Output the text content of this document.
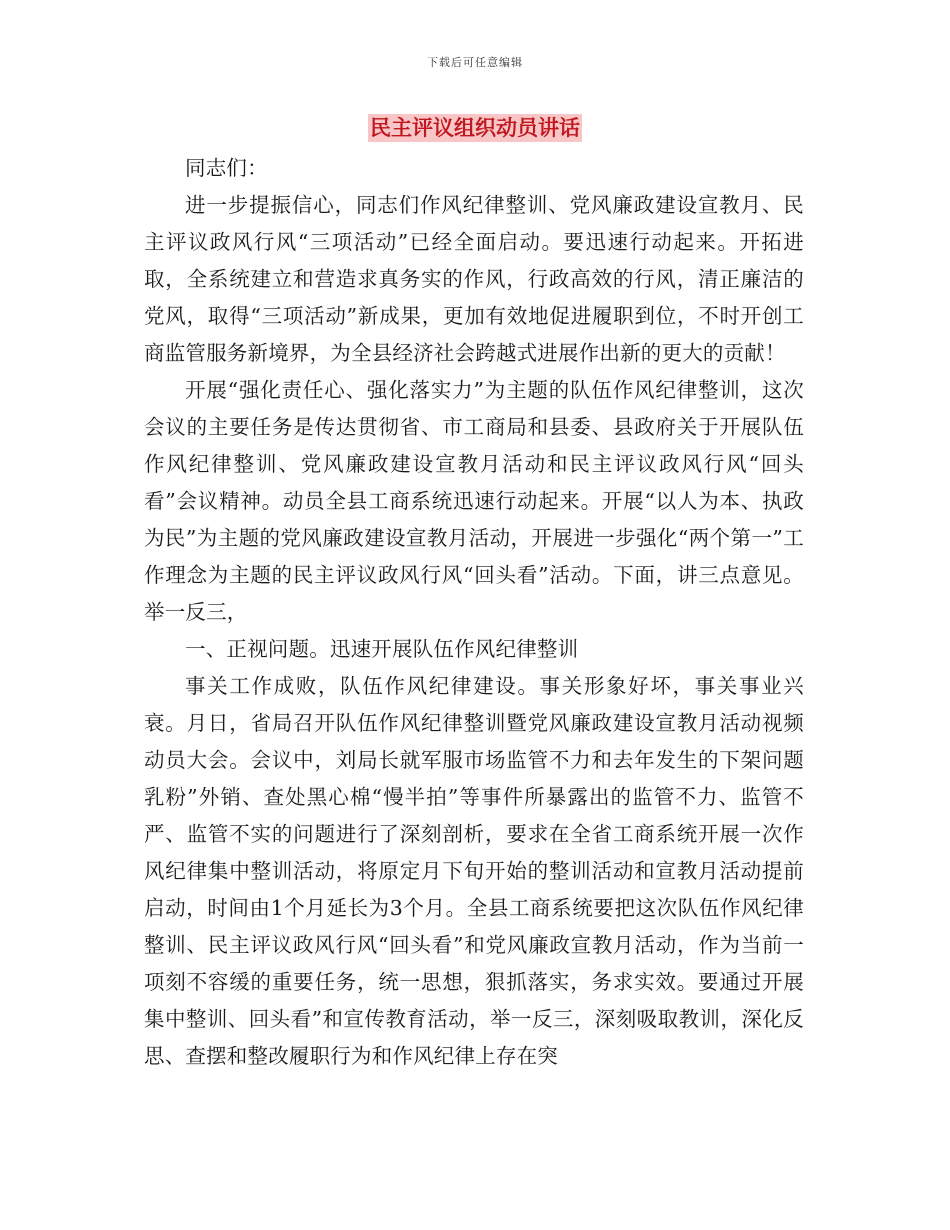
下载后可任意编辑
民主评议组织动员讲话

同志们：

进一步提振信心，同志们作风纪律整训、党风廉政建设宣教月、民主评议政风行风“三项活动”已经全面启动。要迅速行动起来。开拓进取，全系统建立和营造求真务实的作风，行政高效的行风，清正廉洁的党风，取得“三项活动”新成果，更加有效地促进履职到位，不时开创工商监管服务新境界，为全县经济社会跨越式进展作出新的更大的贡献！

开展“强化责任心、强化落实力”为主题的队伍作风纪律整训，这次会议的主要任务是传达贯彻省、市工商局和县委、县政府关于开展队伍作风纪律整训、党风廉政建设宣教月活动和民主评议政风行风“回头看”会议精神。动员全县工商系统迅速行动起来。开展“以人为本、执政为民”为主题的党风廉政建设宣教月活动，开展进一步强化“两个第一”工作理念为主题的民主评议政风行风“回头看”活动。下面，讲三点意见。举一反三，

一、正视问题。迅速开展队伍作风纪律整训

事关工作成败，队伍作风纪律建设。事关形象好坏，事关事业兴衰。月日，省局召开队伍作风纪律整训暨党风廉政建设宣教月活动视频动员大会。会议中，刘局长就军服市场监管不力和去年发生的下架问题乳粉”外销、查处黑心棉“慢半拍”等事件所暴露出的监管不力、监管不严、监管不实的问题进行了深刻剖析，要求在全省工商系统开展一次作风纪律集中整训活动，将原定月下旬开始的整训活动和宣教月活动提前启动，时间由1个月延长为3个月。全县工商系统要把这次队伍作风纪律整训、民主评议政风行风“回头看”和党风廉政宣教月活动，作为当前一项刻不容缓的重要任务，统一思想，狠抓落实，务求实效。要通过开展集中整训、回头看”和宣传教育活动，举一反三，深刻吸取教训，深化反思、查摆和整改履职行为和作风纪律上存在突
